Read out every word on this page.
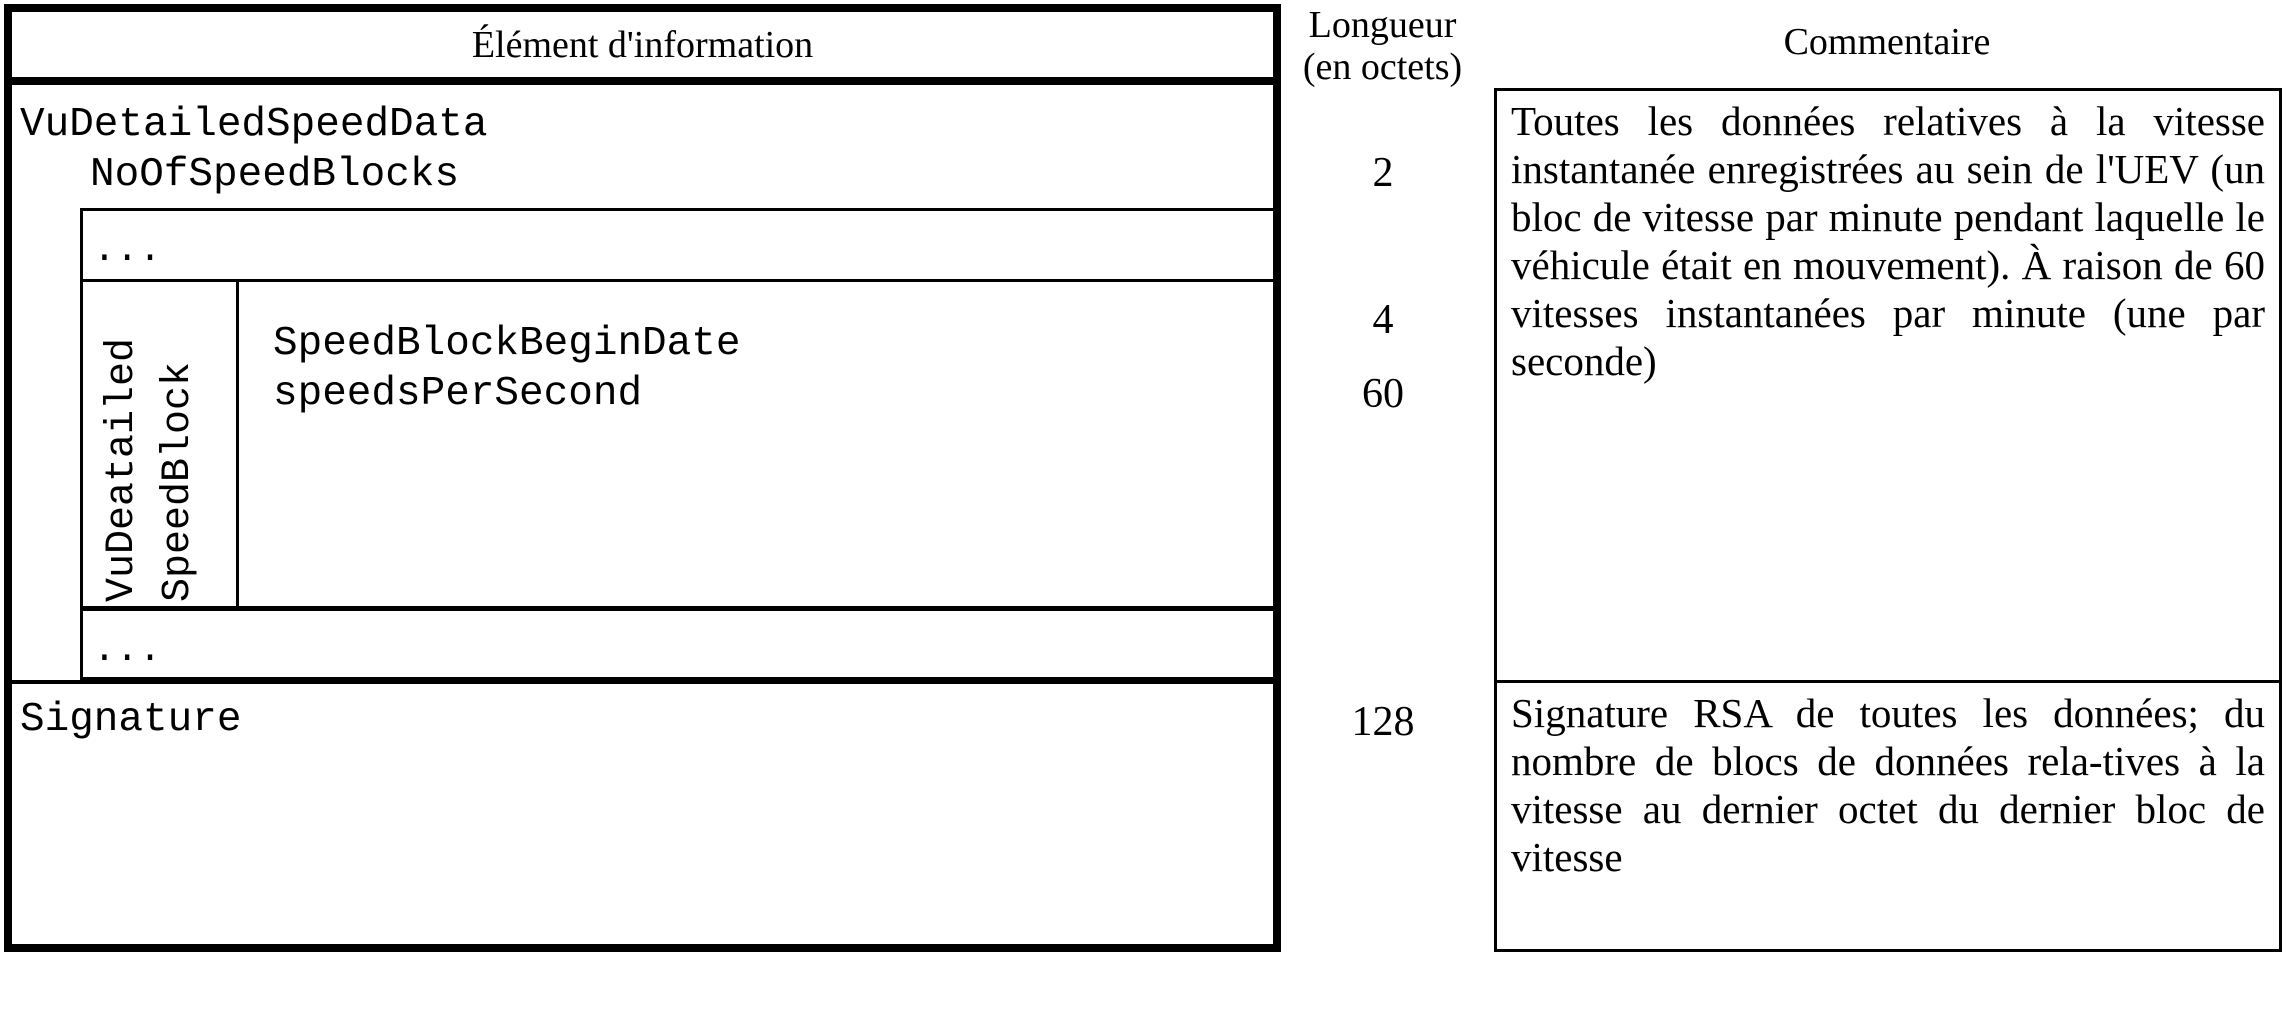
Élément d'information	Longueur
(en octets)
Commentaire
VuDetailedSpeedData
NoOfSpeedBlocks
...
VuDeatailed
SpeedBlock
SpeedBlockBeginDate
speedsPerSecond
...
Signature
2
4
60
128
Toutes les données relatives à la vitesse instantanée enregistrées au sein de l'UEV (un bloc de vitesse par minute pendant laquelle le véhicule était en mouvement). À raison de 60 vitesses instantanées par minute (une par seconde)
Signature RSA de toutes les données; du nombre de blocs de données rela-tives à la vitesse au dernier octet du dernier bloc de vitesse
